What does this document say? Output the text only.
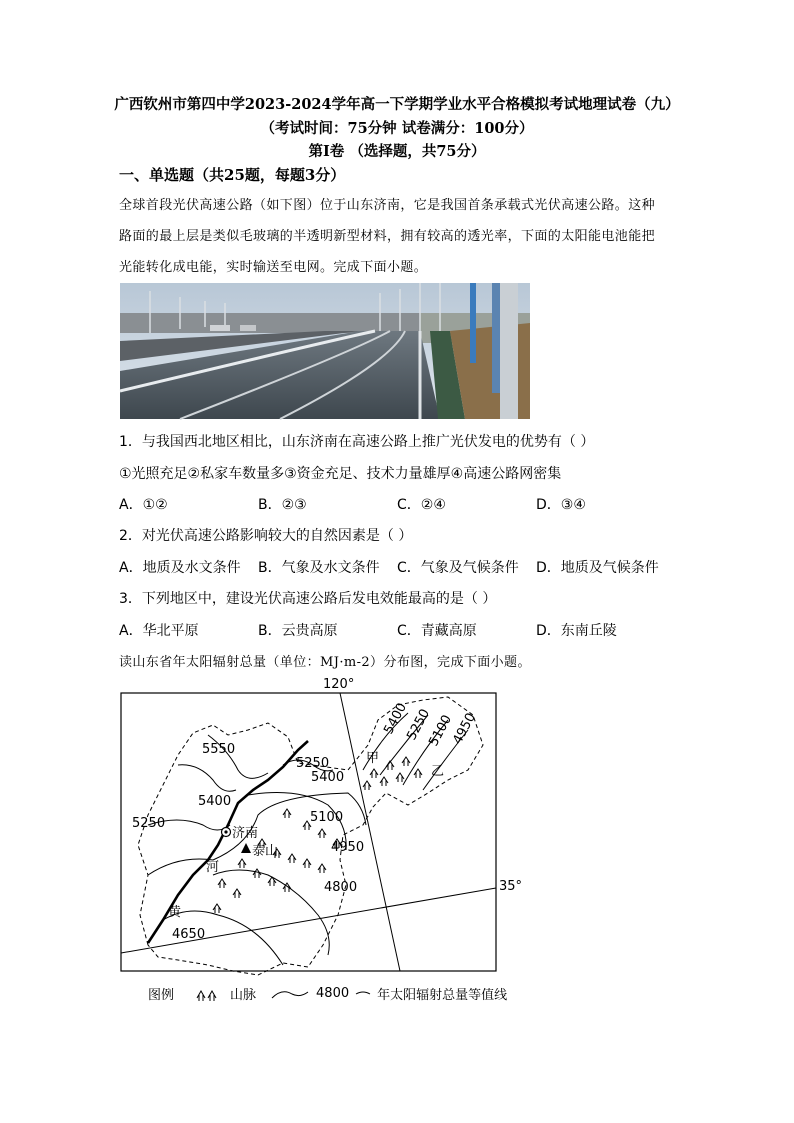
广西钦州市第四中学2023-2024学年高一下学期学业水平合格模拟考试地理试卷（九）
（考试时间：75分钟 试卷满分：100分）
第I卷 （选择题，共75分）
一、单选题（共25题，每题3分）
全球首段光伏高速公路（如下图）位于山东济南，它是我国首条承载式光伏高速公路。这种
路面的最上层是类似毛玻璃的半透明新型材料，拥有较高的透光率，下面的太阳能电池能把
光能转化成电能，实时输送至电网。完成下面小题。
1．与我国西北地区相比，山东济南在高速公路上推广光伏发电的优势有（ ）
①光照充足②私家车数量多③资金充足、技术力量雄厚④高速公路网密集
A．①②	B．②③	C．②④	D．③④
2．对光伏高速公路影响较大的自然因素是（ ）
A．地质及水文条件 B．气象及水文条件 C．气象及气候条件 D．地质及气候条件
3．下列地区中，建设光伏高速公路后发电效能最高的是（ ）
A．华北平原	B．云贵高原	C．青藏高原	D．东南丘陵
读山东省年太阳辐射总量（单位：MJ·m-2）分布图，完成下面小题。
120°
35°
济南
泰山
河
黄
甲
乙
5550
5400
5250
5400
5250
5100
4950
4800
4650
5400
5250
5100
4950
图例	山脉	4800 年太阳辐射总量等值线
